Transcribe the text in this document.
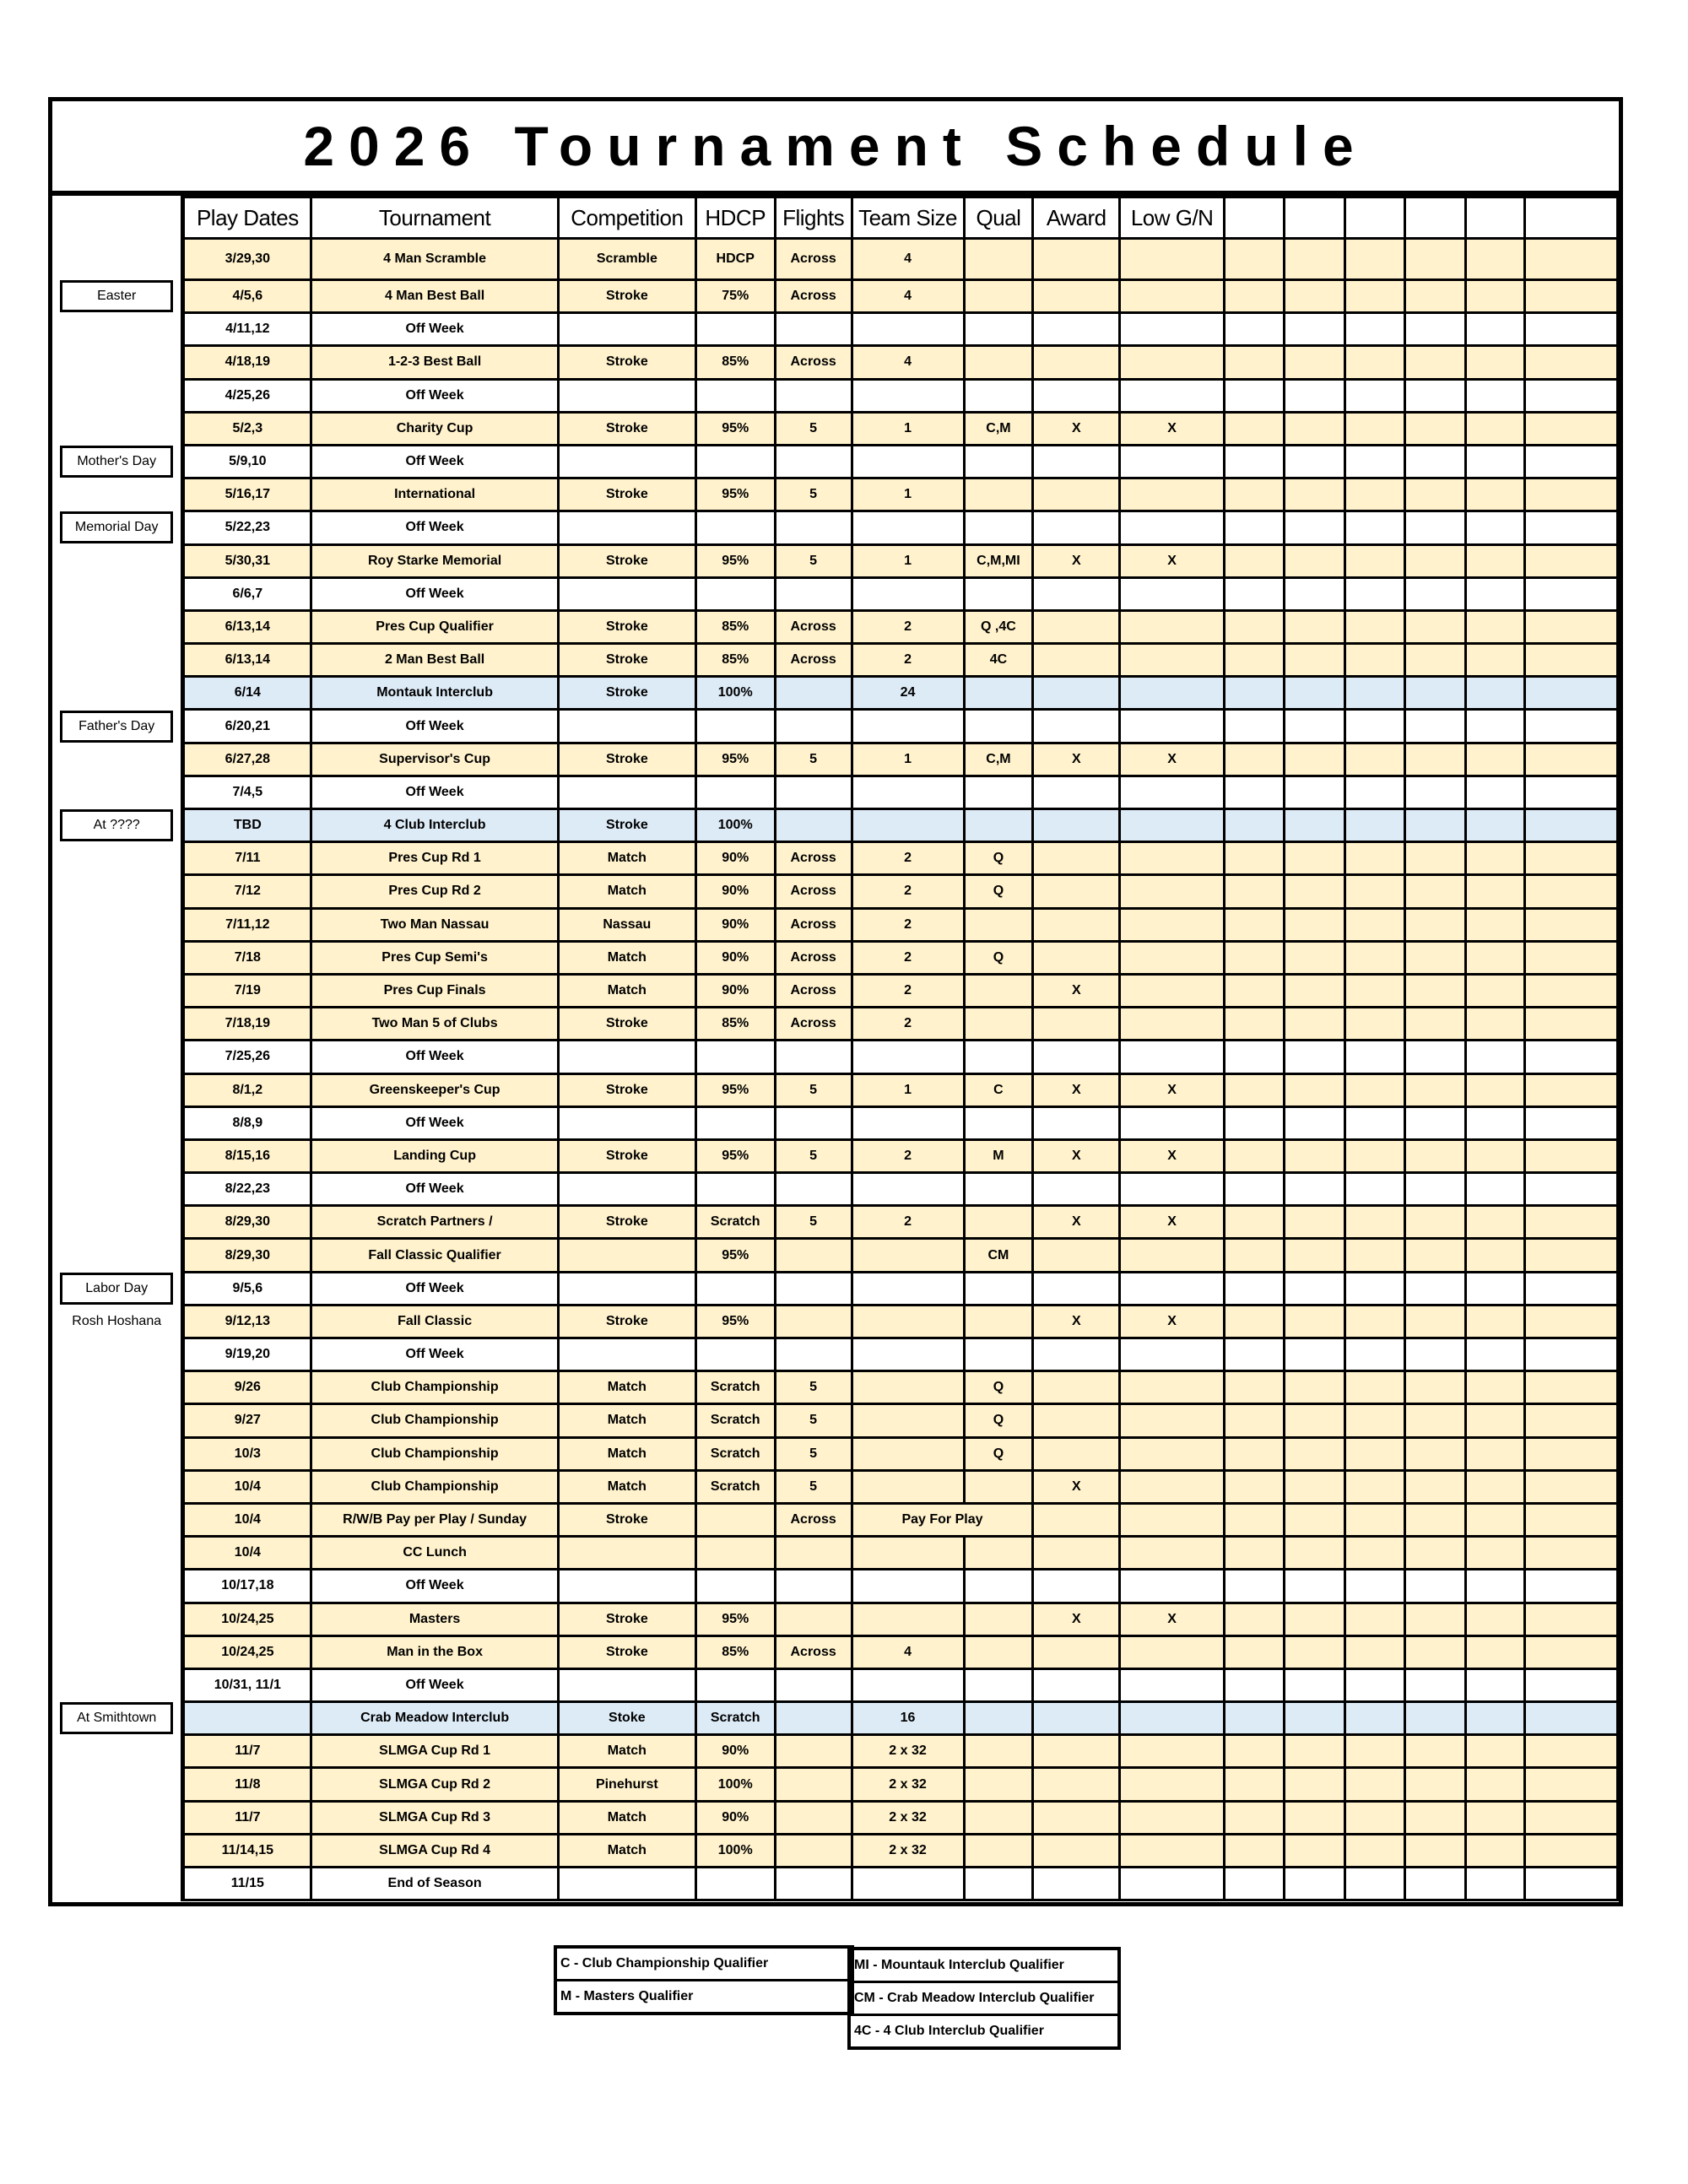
2026 Tournament Schedule
	Play Dates	Tournament	Competition	HDCP	Flights	Team Size	Qual	Award	Low G/N						
	3/29,30	4 Man Scramble	Scramble	HDCP	Across	4									
Easter	4/5,6	4 Man Best Ball	Stroke	75%	Across	4									
	4/11,12	Off Week													
	4/18,19	1-2-3 Best Ball	Stroke	85%	Across	4									
	4/25,26	Off Week													
	5/2,3	Charity Cup	Stroke	95%	5	1	C,M	X	X						
Mother's Day	5/9,10	Off Week													
	5/16,17	International	Stroke	95%	5	1									
Memorial Day	5/22,23	Off Week													
	5/30,31	Roy Starke Memorial	Stroke	95%	5	1	C,M,MI	X	X						
	6/6,7	Off Week													
	6/13,14	Pres Cup Qualifier	Stroke	85%	Across	2	Q ,4C								
	6/13,14	2 Man Best Ball	Stroke	85%	Across	2	4C								
	6/14	Montauk Interclub	Stroke	100%		24									
Father's Day	6/20,21	Off Week													
	6/27,28	Supervisor's Cup	Stroke	95%	5	1	C,M	X	X						
	7/4,5	Off Week													
At ????	TBD	4 Club Interclub	Stroke	100%											
	7/11	Pres Cup Rd 1	Match	90%	Across	2	Q								
	7/12	Pres Cup Rd 2	Match	90%	Across	2	Q								
	7/11,12	Two Man Nassau	Nassau	90%	Across	2									
	7/18	Pres Cup Semi's	Match	90%	Across	2	Q								
	7/19	Pres Cup Finals	Match	90%	Across	2		X							
	7/18,19	Two Man 5 of Clubs	Stroke	85%	Across	2									
	7/25,26	Off Week													
	8/1,2	Greenskeeper's Cup	Stroke	95%	5	1	C	X	X						
	8/8,9	Off Week													
	8/15,16	Landing Cup	Stroke	95%	5	2	M	X	X						
	8/22,23	Off Week													
	8/29,30	Scratch Partners /	Stroke	Scratch	5	2		X	X						
	8/29,30	Fall Classic Qualifier		95%			CM								
Labor Day	9/5,6	Off Week													
Rosh Hoshana	9/12,13	Fall Classic	Stroke	95%				X	X						
	9/19,20	Off Week													
	9/26	Club Championship	Match	Scratch	5		Q								
	9/27	Club Championship	Match	Scratch	5		Q								
	10/3	Club Championship	Match	Scratch	5		Q								
	10/4	Club Championship	Match	Scratch	5			X							
	10/4	R/W/B Pay per Play / Sunday	Stroke		Across	Pay For Play									
	10/4	CC Lunch													
	10/17,18	Off Week													
	10/24,25	Masters	Stroke	95%				X	X						
	10/24,25	Man in the Box	Stroke	85%	Across	4									
	10/31, 11/1	Off Week													
At Smithtown		Crab Meadow Interclub	Stoke	Scratch		16									
	11/7	SLMGA Cup Rd 1	Match	90%		2 x 32									
	11/8	SLMGA Cup Rd 2	Pinehurst	100%		2 x 32									
	11/7	SLMGA Cup Rd 3	Match	90%		2 x 32									
	11/14,15	SLMGA Cup Rd 4	Match	100%		2 x 32									
	11/15	End of Season													
C - Club Championship Qualifier
M - Masters Qualifier
MI - Mountauk Interclub Qualifier
CM - Crab Meadow Interclub Qualifier
4C - 4 Club Interclub Qualifier
